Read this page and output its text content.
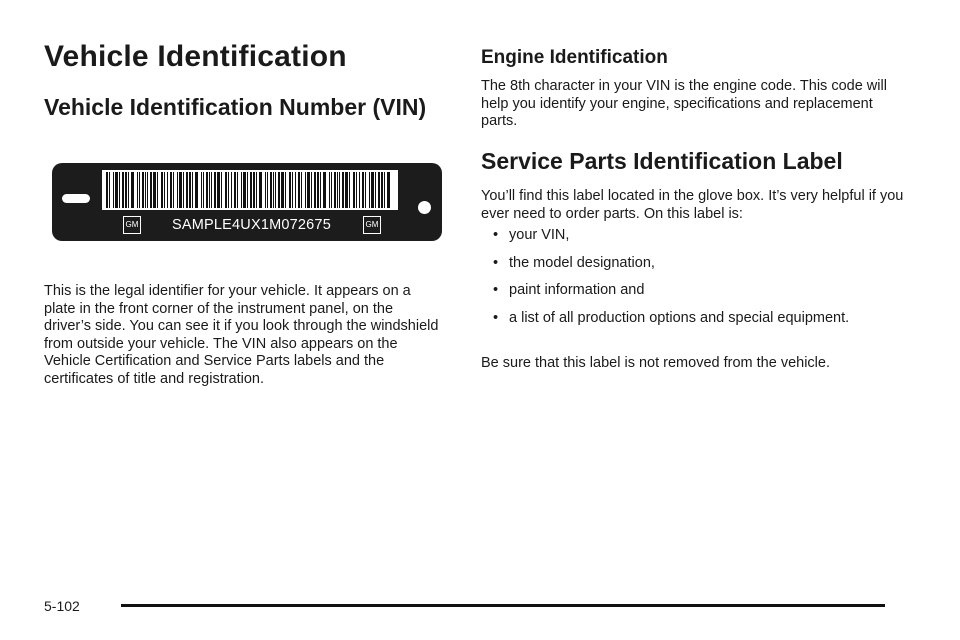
Vehicle Identification
Vehicle Identification Number (VIN)
GM SAMPLE4UX1M072675	GM

This is the legal identifier for your vehicle. It appears on a plate in the front corner of the instrument panel, on the driver’s side. You can see it if you look through the windshield from outside your vehicle. The VIN also appears on the Vehicle Certification and Service Parts labels and the certificates of title and registration.

Engine Identification

The 8th character in your VIN is the engine code. This code will help you identify your engine, specifications and replacement parts.

Service Parts Identification Label

You’ll find this label located in the glove box. It’s very helpful if you ever need to order parts. On this label is:

• your VIN,
• the model designation,
• paint information and
• a list of all production options and special equipment.

Be sure that this label is not removed from the vehicle.

5-102
